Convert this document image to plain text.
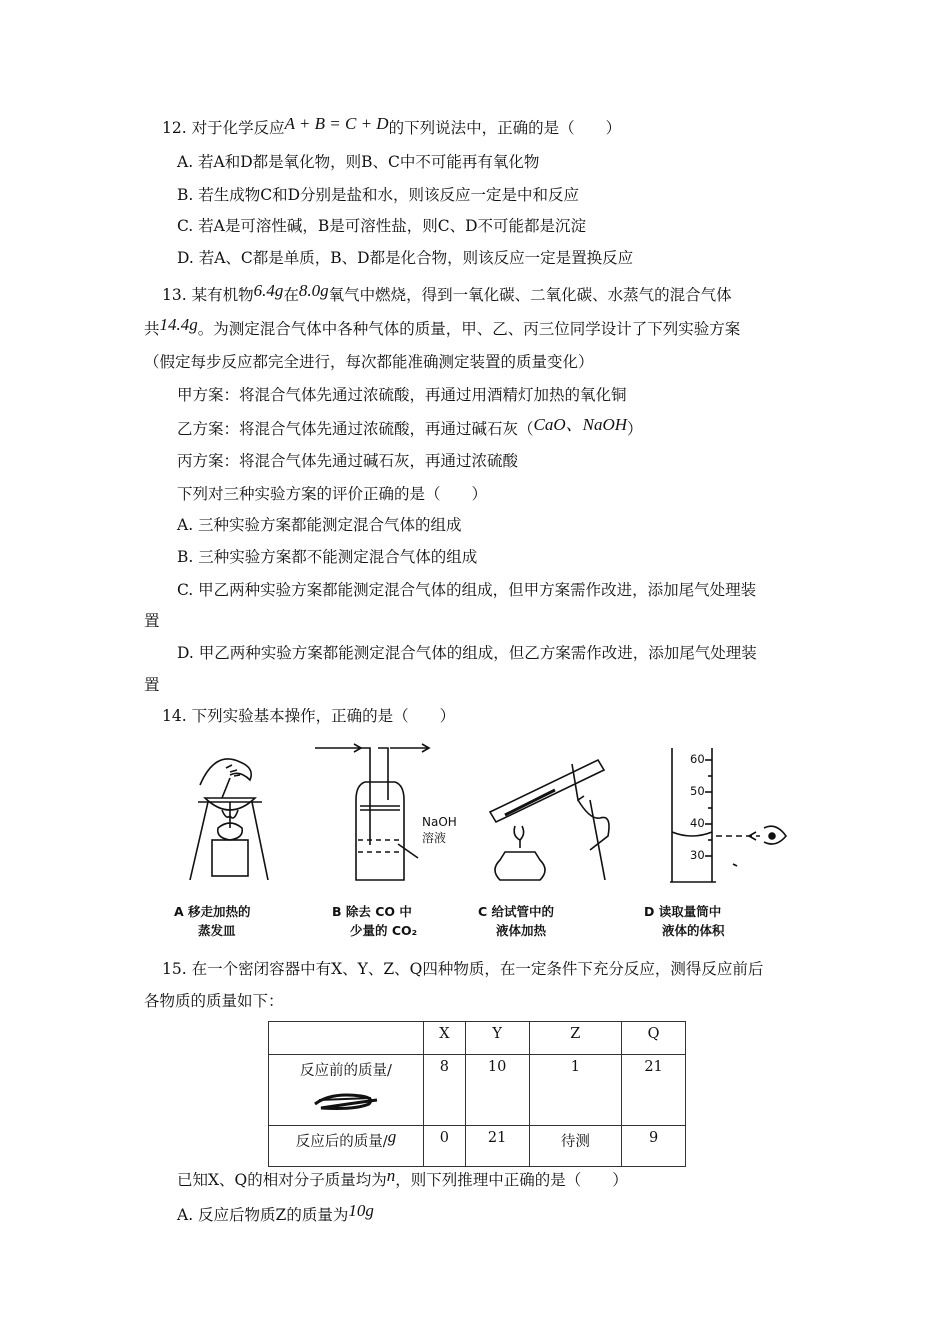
12. 对于化学反应A + B = C + D的下列说法中，正确的是（　　）
A. 若A和D都是氧化物，则B、C中不可能再有氧化物
B. 若生成物C和D分别是盐和水，则该反应一定是中和反应
C. 若A是可溶性碱，B是可溶性盐，则C、D不可能都是沉淀
D. 若A、C都是单质，B、D都是化合物，则该反应一定是置换反应
13. 某有机物6.4g在8.0g氧气中燃烧，得到一氧化碳、二氧化碳、水蒸气的混合气体
共14.4g。为测定混合气体中各种气体的质量，甲、乙、丙三位同学设计了下列实验方案
（假定每步反应都完全进行，每次都能准确测定装置的质量变化）
甲方案：将混合气体先通过浓硫酸，再通过用酒精灯加热的氧化铜
乙方案：将混合气体先通过浓硫酸，再通过碱石灰（CaO、NaOH）
丙方案：将混合气体先通过碱石灰，再通过浓硫酸
下列对三种实验方案的评价正确的是（　　）
A. 三种实验方案都能测定混合气体的组成
B. 三种实验方案都不能测定混合气体的组成
C. 甲乙两种实验方案都能测定混合气体的组成，但甲方案需作改进，添加尾气处理装
置
D. 甲乙两种实验方案都能测定混合气体的组成，但乙方案需作改进，添加尾气处理装
置
14. 下列实验基本操作，正确的是（　　）
NaOH
溶液
60
50
40
30
A 移走加热的
蒸发皿
B 除去 CO 中
少量的 CO₂
C 给试管中的
液体加热
D 读取量筒中
液体的体积
15. 在一个密闭容器中有X、Y、Z、Q四种物质，在一定条件下充分反应，测得反应前后
各物质的质量如下：
	X	Y	Z	Q

反应前的质量/	8	10	1	21
反应后的质量/g	0	21	待测	9
已知X、Q的相对分子质量均为n，则下列推理中正确的是（　　）
A. 反应后物质Z的质量为10g
